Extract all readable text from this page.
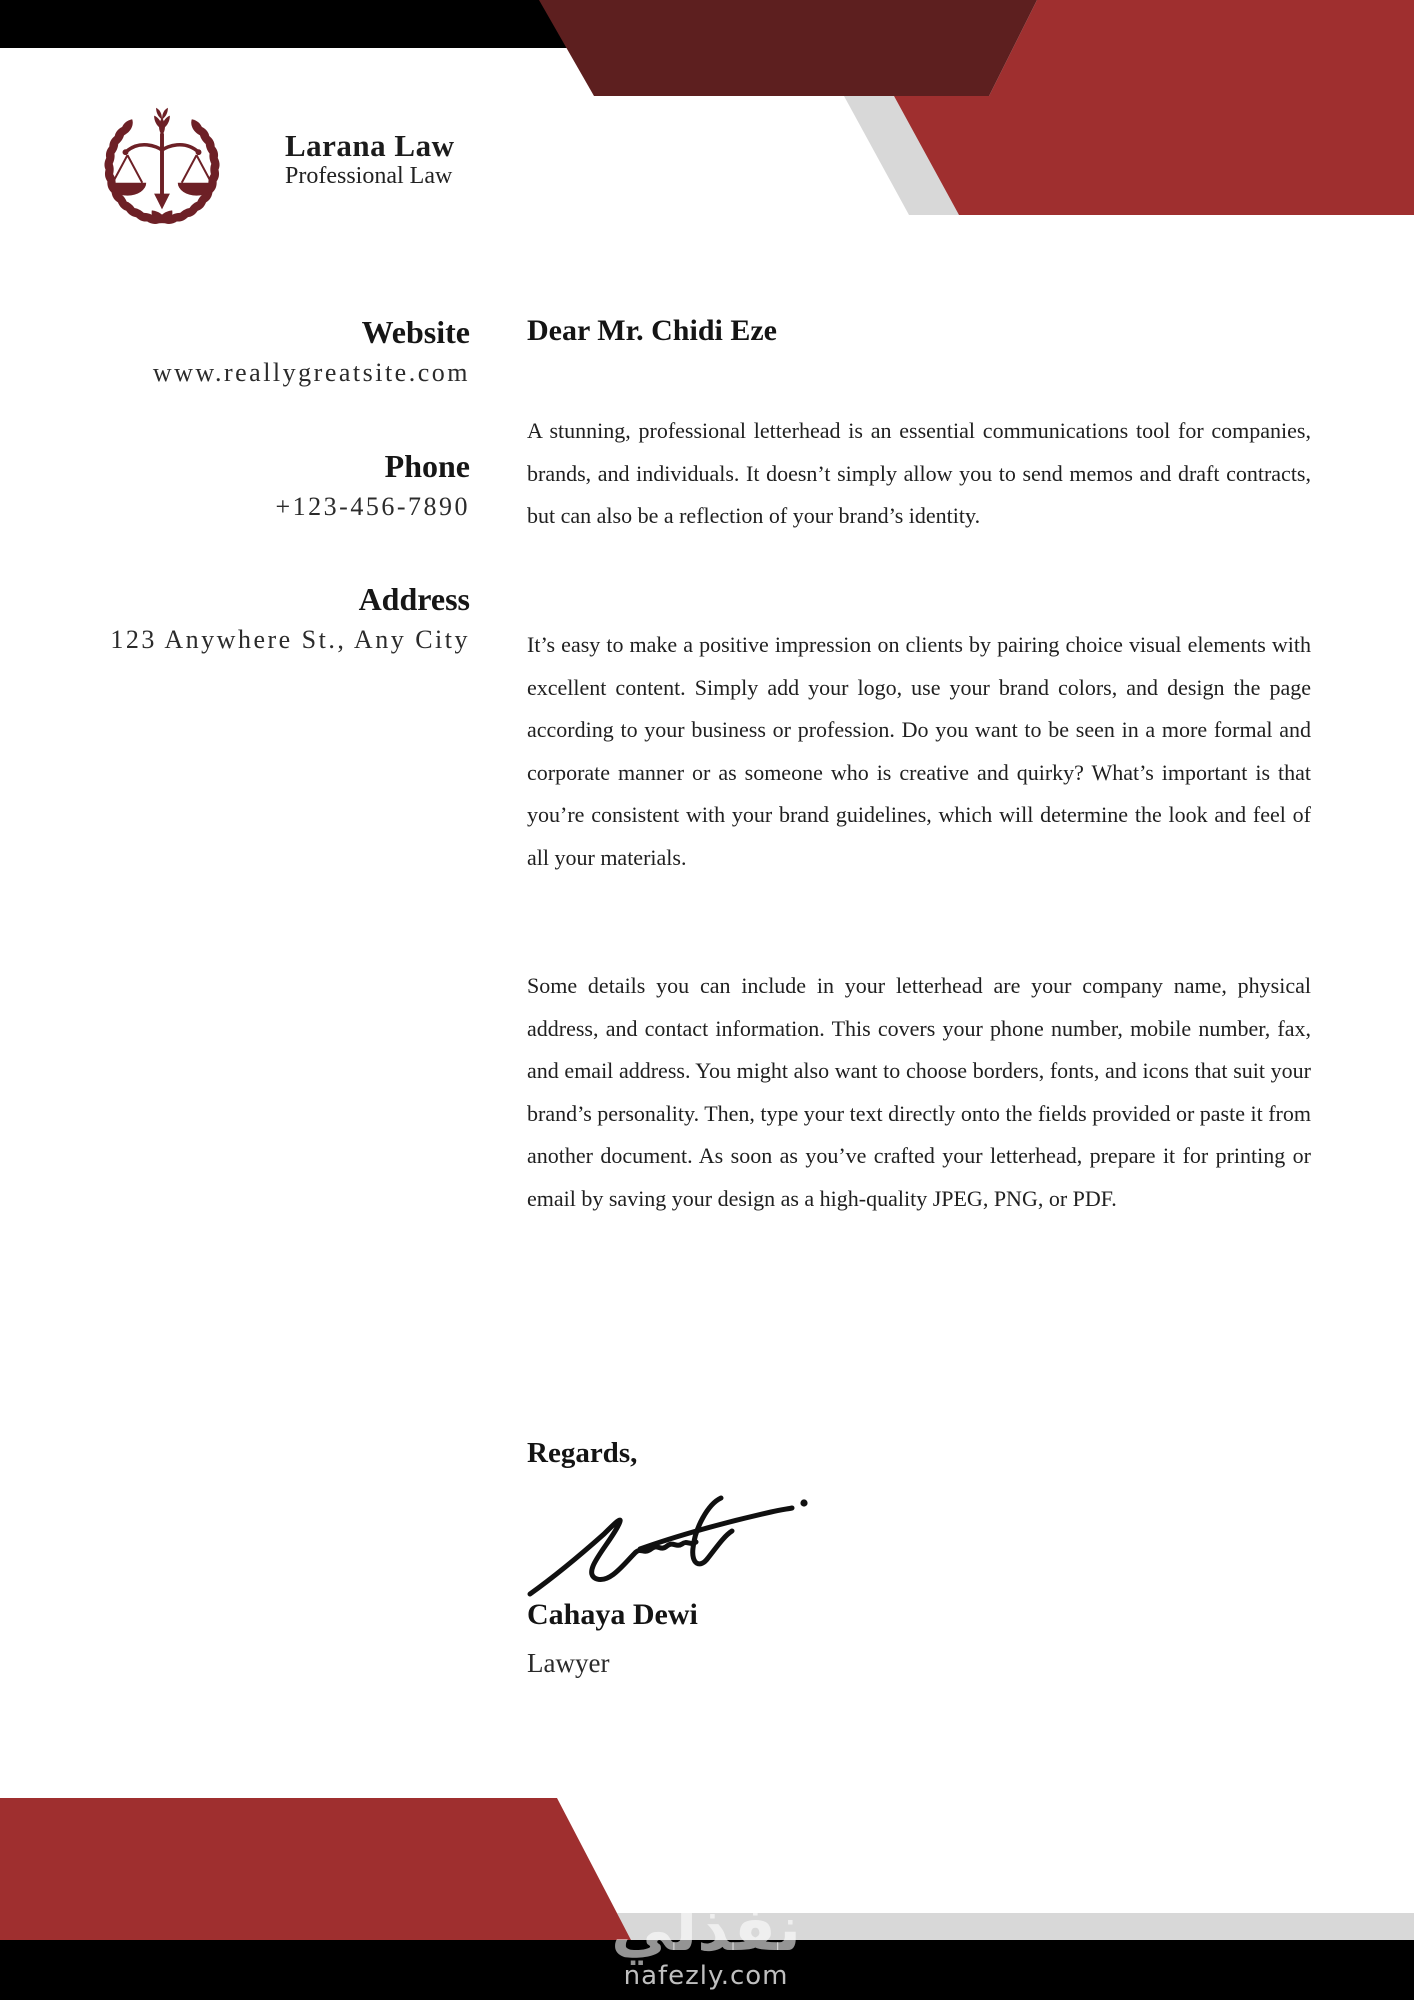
Larana Law
Professional Law
Website
www.reallygreatsite.com
Phone
+123-456-7890
Address
123 Anywhere St., Any City
Dear Mr. Chidi Eze
A stunning, professional letterhead is an essential communications tool for companies, brands, and individuals. It doesn’t simply allow you to send memos and draft contracts, but can also be a reflection of your brand’s identity.
It’s easy to make a positive impression on clients by pairing choice visual elements with excellent content. Simply add your logo, use your brand colors, and design the page according to your business or profession. Do you want to be seen in a more formal and corporate manner or as someone who is creative and quirky? What’s important is that you’re consistent with your brand guidelines, which will determine the look and feel of all your materials.
Some details you can include in your letterhead are your company name, physical address, and contact information. This covers your phone number, mobile number, fax, and email address. You might also want to choose borders, fonts, and icons that suit your brand’s personality. Then, type your text directly onto the fields provided or paste it from another document. As soon as you’ve crafted your letterhead, prepare it for printing or email by saving your design as a high-quality JPEG, PNG, or PDF.
Regards,
Cahaya Dewi
Lawyer
نفذلي
nafezly.com
